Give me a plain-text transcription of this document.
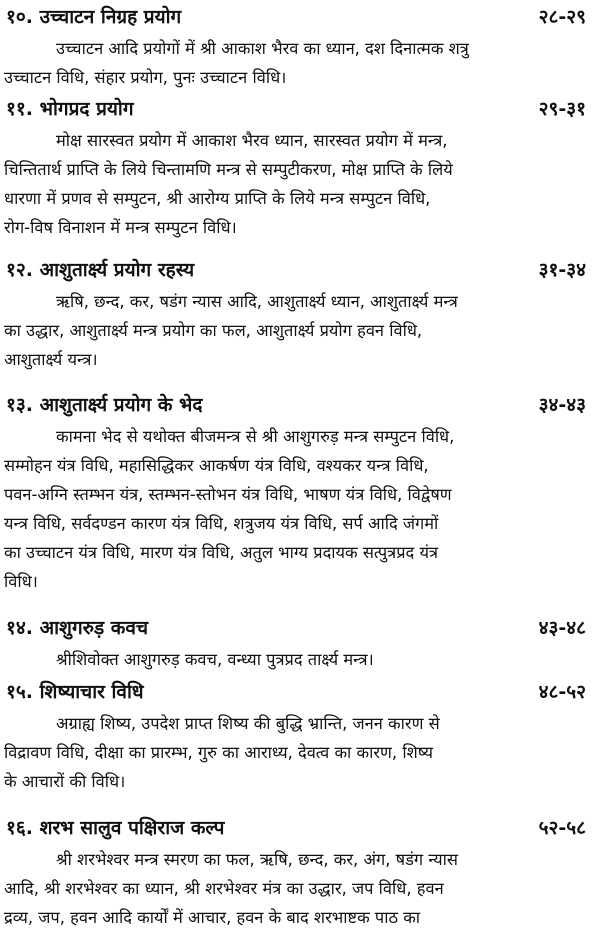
१०. उच्चाटन निग्रह प्रयोग	२८-२९
उच्चाटन आदि प्रयोगों में श्री आकाश भैरव का ध्यान, दश दिनात्मक शत्रु
उच्चाटन विधि, संहार प्रयोग, पुनः उच्चाटन विधि।
११. भोगप्रद प्रयोग	२९-३१
मोक्ष सारस्वत प्रयोग में आकाश भैरव ध्यान, सारस्वत प्रयोग में मन्त्र,
चिन्तितार्थ प्राप्ति के लिये चिन्तामणि मन्त्र से सम्पुटीकरण, मोक्ष प्राप्ति के लिये
धारणा में प्रणव से सम्पुटन, श्री आरोग्य प्राप्ति के लिये मन्त्र सम्पुटन विधि,
रोग-विष विनाशन में मन्त्र सम्पुटन विधि।
१२. आशुतार्क्ष्य प्रयोग रहस्य	३१-३४
ऋषि, छन्द, कर, षडंग न्यास आदि, आशुतार्क्ष्य ध्यान, आशुतार्क्ष्य मन्त्र
का उद्धार, आशुतार्क्ष्य मन्त्र प्रयोग का फल, आशुतार्क्ष्य प्रयोग हवन विधि,
आशुतार्क्ष्य यन्त्र।
१३. आशुतार्क्ष्य प्रयोग के भेद	३४-४३
कामना भेद से यथोक्त बीजमन्त्र से श्री आशुगरुड़ मन्त्र सम्पुटन विधि,
सम्मोहन यंत्र विधि, महासिद्धिकर आकर्षण यंत्र विधि, वश्यकर यन्त्र विधि,
पवन-अग्नि स्तम्भन यंत्र, स्तम्भन-स्तोभन यंत्र विधि, भाषण यंत्र विधि, विद्वेषण
यन्त्र विधि, सर्वदण्डन कारण यंत्र विधि, शत्रुजय यंत्र विधि, सर्प आदि जंगमों
का उच्चाटन यंत्र विधि, मारण यंत्र विधि, अतुल भाग्य प्रदायक सत्पुत्रप्रद यंत्र
विधि।
१४. आशुगरुड़ कवच	४३-४८
श्रीशिवोक्त आशुगरुड़ कवच, वन्ध्या पुत्रप्रद तार्क्ष्य मन्त्र।
१५. शिष्याचार विधि	४८-५२
अग्राह्य शिष्य, उपदेश प्राप्त शिष्य की बुद्धि भ्रान्ति, जनन कारण से
विद्रावण विधि, दीक्षा का प्रारम्भ, गुरु का आराध्य, देवत्व का कारण, शिष्य
के आचारों की विधि।
१६. शरभ सालुव पक्षिराज कल्प	५२-५८
श्री शरभेश्वर मन्त्र स्मरण का फल, ऋषि, छन्द, कर, अंग, षडंग न्यास
आदि, श्री शरभेश्वर का ध्यान, श्री शरभेश्वर मंत्र का उद्धार, जप विधि, हवन
द्रव्य, जप, हवन आदि कार्यों में आचार, हवन के बाद शरभाष्टक पाठ का
